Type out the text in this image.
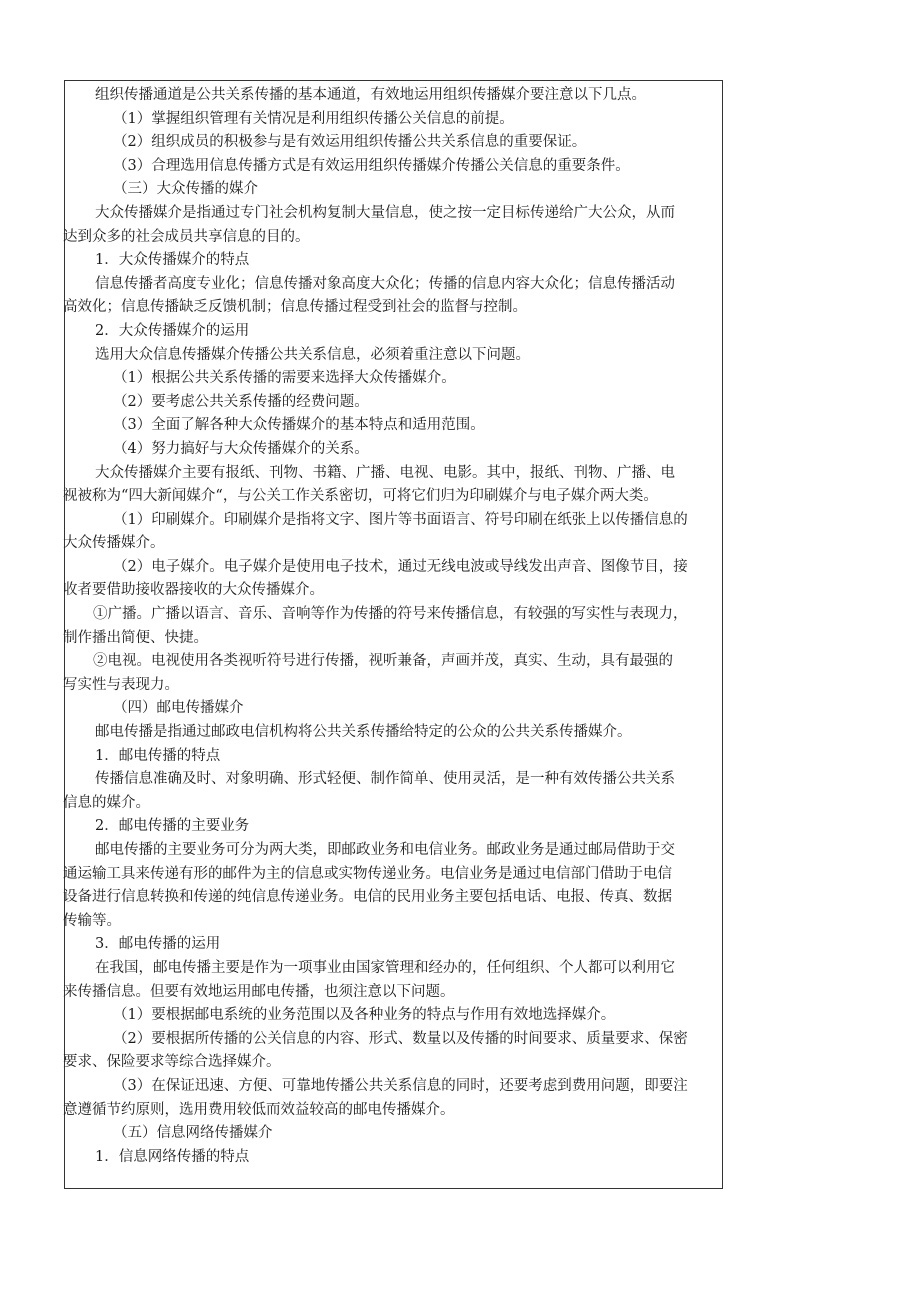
组织传播通道是公共关系传播的基本通道，有效地运用组织传播媒介要注意以下几点。
（1）掌握组织管理有关情况是利用组织传播公关信息的前提。
（2）组织成员的积极参与是有效运用组织传播公共关系信息的重要保证。
（3）合理选用信息传播方式是有效运用组织传播媒介传播公关信息的重要条件。
（三）大众传播的媒介
大众传播媒介是指通过专门社会机构复制大量信息，使之按一定目标传递给广大公众，从而
达到众多的社会成员共享信息的目的。
1．大众传播媒介的特点
信息传播者高度专业化；信息传播对象高度大众化；传播的信息内容大众化；信息传播活动
高效化；信息传播缺乏反馈机制；信息传播过程受到社会的监督与控制。
2．大众传播媒介的运用
选用大众信息传播媒介传播公共关系信息，必须着重注意以下问题。
（1）根据公共关系传播的需要来选择大众传播媒介。
（2）要考虑公共关系传播的经费问题。
（3）全面了解各种大众传播媒介的基本特点和适用范围。
（4）努力搞好与大众传播媒介的关系。
大众传播媒介主要有报纸、刊物、书籍、广播、电视、电影。其中，报纸、刊物、广播、电
视被称为“四大新闻媒介“，与公关工作关系密切，可将它们归为印刷媒介与电子媒介两大类。
（1）印刷媒介。印刷媒介是指将文字、图片等书面语言、符号印刷在纸张上以传播信息的
大众传播媒介。
（2）电子媒介。电子媒介是使用电子技术，通过无线电波或导线发出声音、图像节目，接
收者要借助接收器接收的大众传播媒介。
①广播。广播以语言、音乐、音响等作为传播的符号来传播信息，有较强的写实性与表现力，
制作播出简便、快捷。
②电视。电视使用各类视听符号进行传播，视听兼备，声画并茂，真实、生动，具有最强的
写实性与表现力。
（四）邮电传播媒介
邮电传播是指通过邮政电信机构将公共关系传播给特定的公众的公共关系传播媒介。
1．邮电传播的特点
传播信息准确及时、对象明确、形式轻便、制作简单、使用灵活，是一种有效传播公共关系
信息的媒介。
2．邮电传播的主要业务
邮电传播的主要业务可分为两大类，即邮政业务和电信业务。邮政业务是通过邮局借助于交
通运输工具来传递有形的邮件为主的信息或实物传递业务。电信业务是通过电信部门借助于电信
设备进行信息转换和传递的纯信息传递业务。电信的民用业务主要包括电话、电报、传真、数据
传输等。
3．邮电传播的运用
在我国，邮电传播主要是作为一项事业由国家管理和经办的，任何组织、个人都可以利用它
来传播信息。但要有效地运用邮电传播，也须注意以下问题。
（1）要根据邮电系统的业务范围以及各种业务的特点与作用有效地选择媒介。
（2）要根据所传播的公关信息的内容、形式、数量以及传播的时间要求、质量要求、保密
要求、保险要求等综合选择媒介。
（3）在保证迅速、方便、可靠地传播公共关系信息的同时，还要考虑到费用问题，即要注
意遵循节约原则，选用费用较低而效益较高的邮电传播媒介。
（五）信息网络传播媒介
1．信息网络传播的特点
